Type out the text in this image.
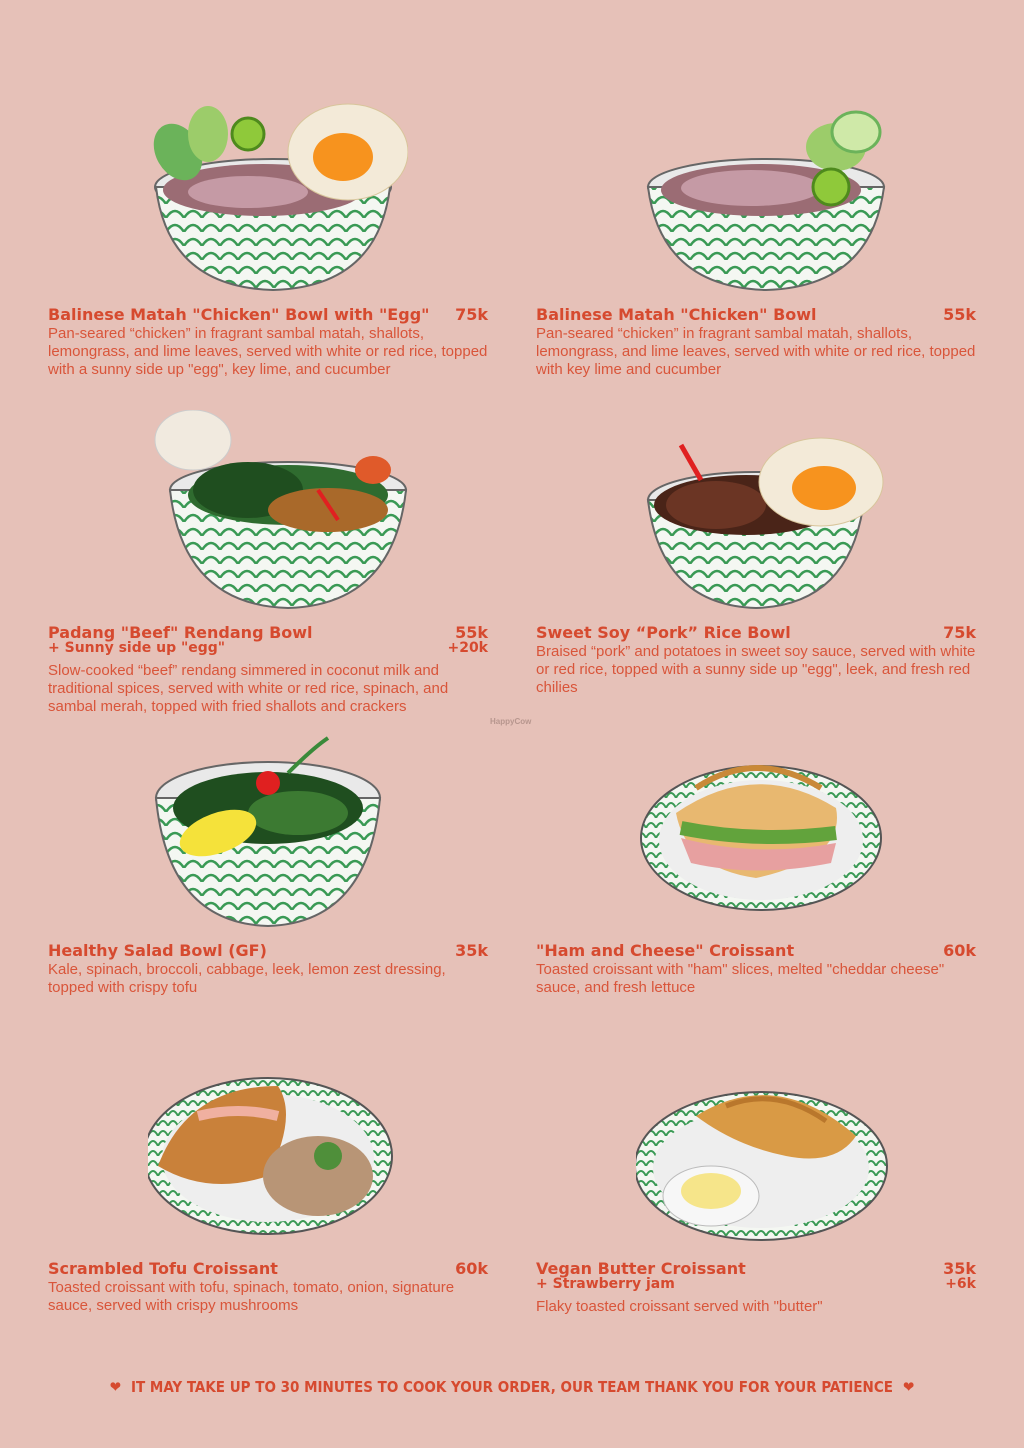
Balinese Matah "Chicken" Bowl with "Egg" 75k
Pan-seared “chicken” in fragrant sambal matah, shallots, lemongrass, and lime leaves, served with white or red rice, topped with a sunny side up "egg", key lime, and cucumber
Balinese Matah "Chicken" Bowl	55k
Pan-seared “chicken” in fragrant sambal matah, shallots, lemongrass, and lime leaves, served with white or red rice, topped with key lime and cucumber
Padang "Beef" Rendang Bowl	55k
+ Sunny side up "egg"	+20k
Slow-cooked “beef” rendang simmered in coconut milk and traditional spices, served with white or red rice, spinach, and sambal merah, topped with fried shallots and crackers
Sweet Soy “Pork” Rice Bowl	75k
Braised “pork” and potatoes in sweet soy sauce, served with white or red rice, topped with a sunny side up "egg", leek, and fresh red chilies
Healthy Salad Bowl (GF)	35k
Kale, spinach, broccoli, cabbage, leek, lemon zest dressing, topped with crispy tofu
"Ham and Cheese" Croissant	60k
Toasted croissant with "ham" slices, melted "cheddar cheese" sauce, and fresh lettuce
Scrambled Tofu Croissant	60k
Toasted croissant with tofu, spinach, tomato, onion, signature sauce, served with crispy mushrooms
Vegan Butter Croissant	35k
+ Strawberry jam	+6k
Flaky toasted croissant served with "butter"
HappyCow
❤ IT MAY TAKE UP TO 30 MINUTES TO COOK YOUR ORDER, OUR TEAM THANK YOU FOR YOUR PATIENCE ❤
